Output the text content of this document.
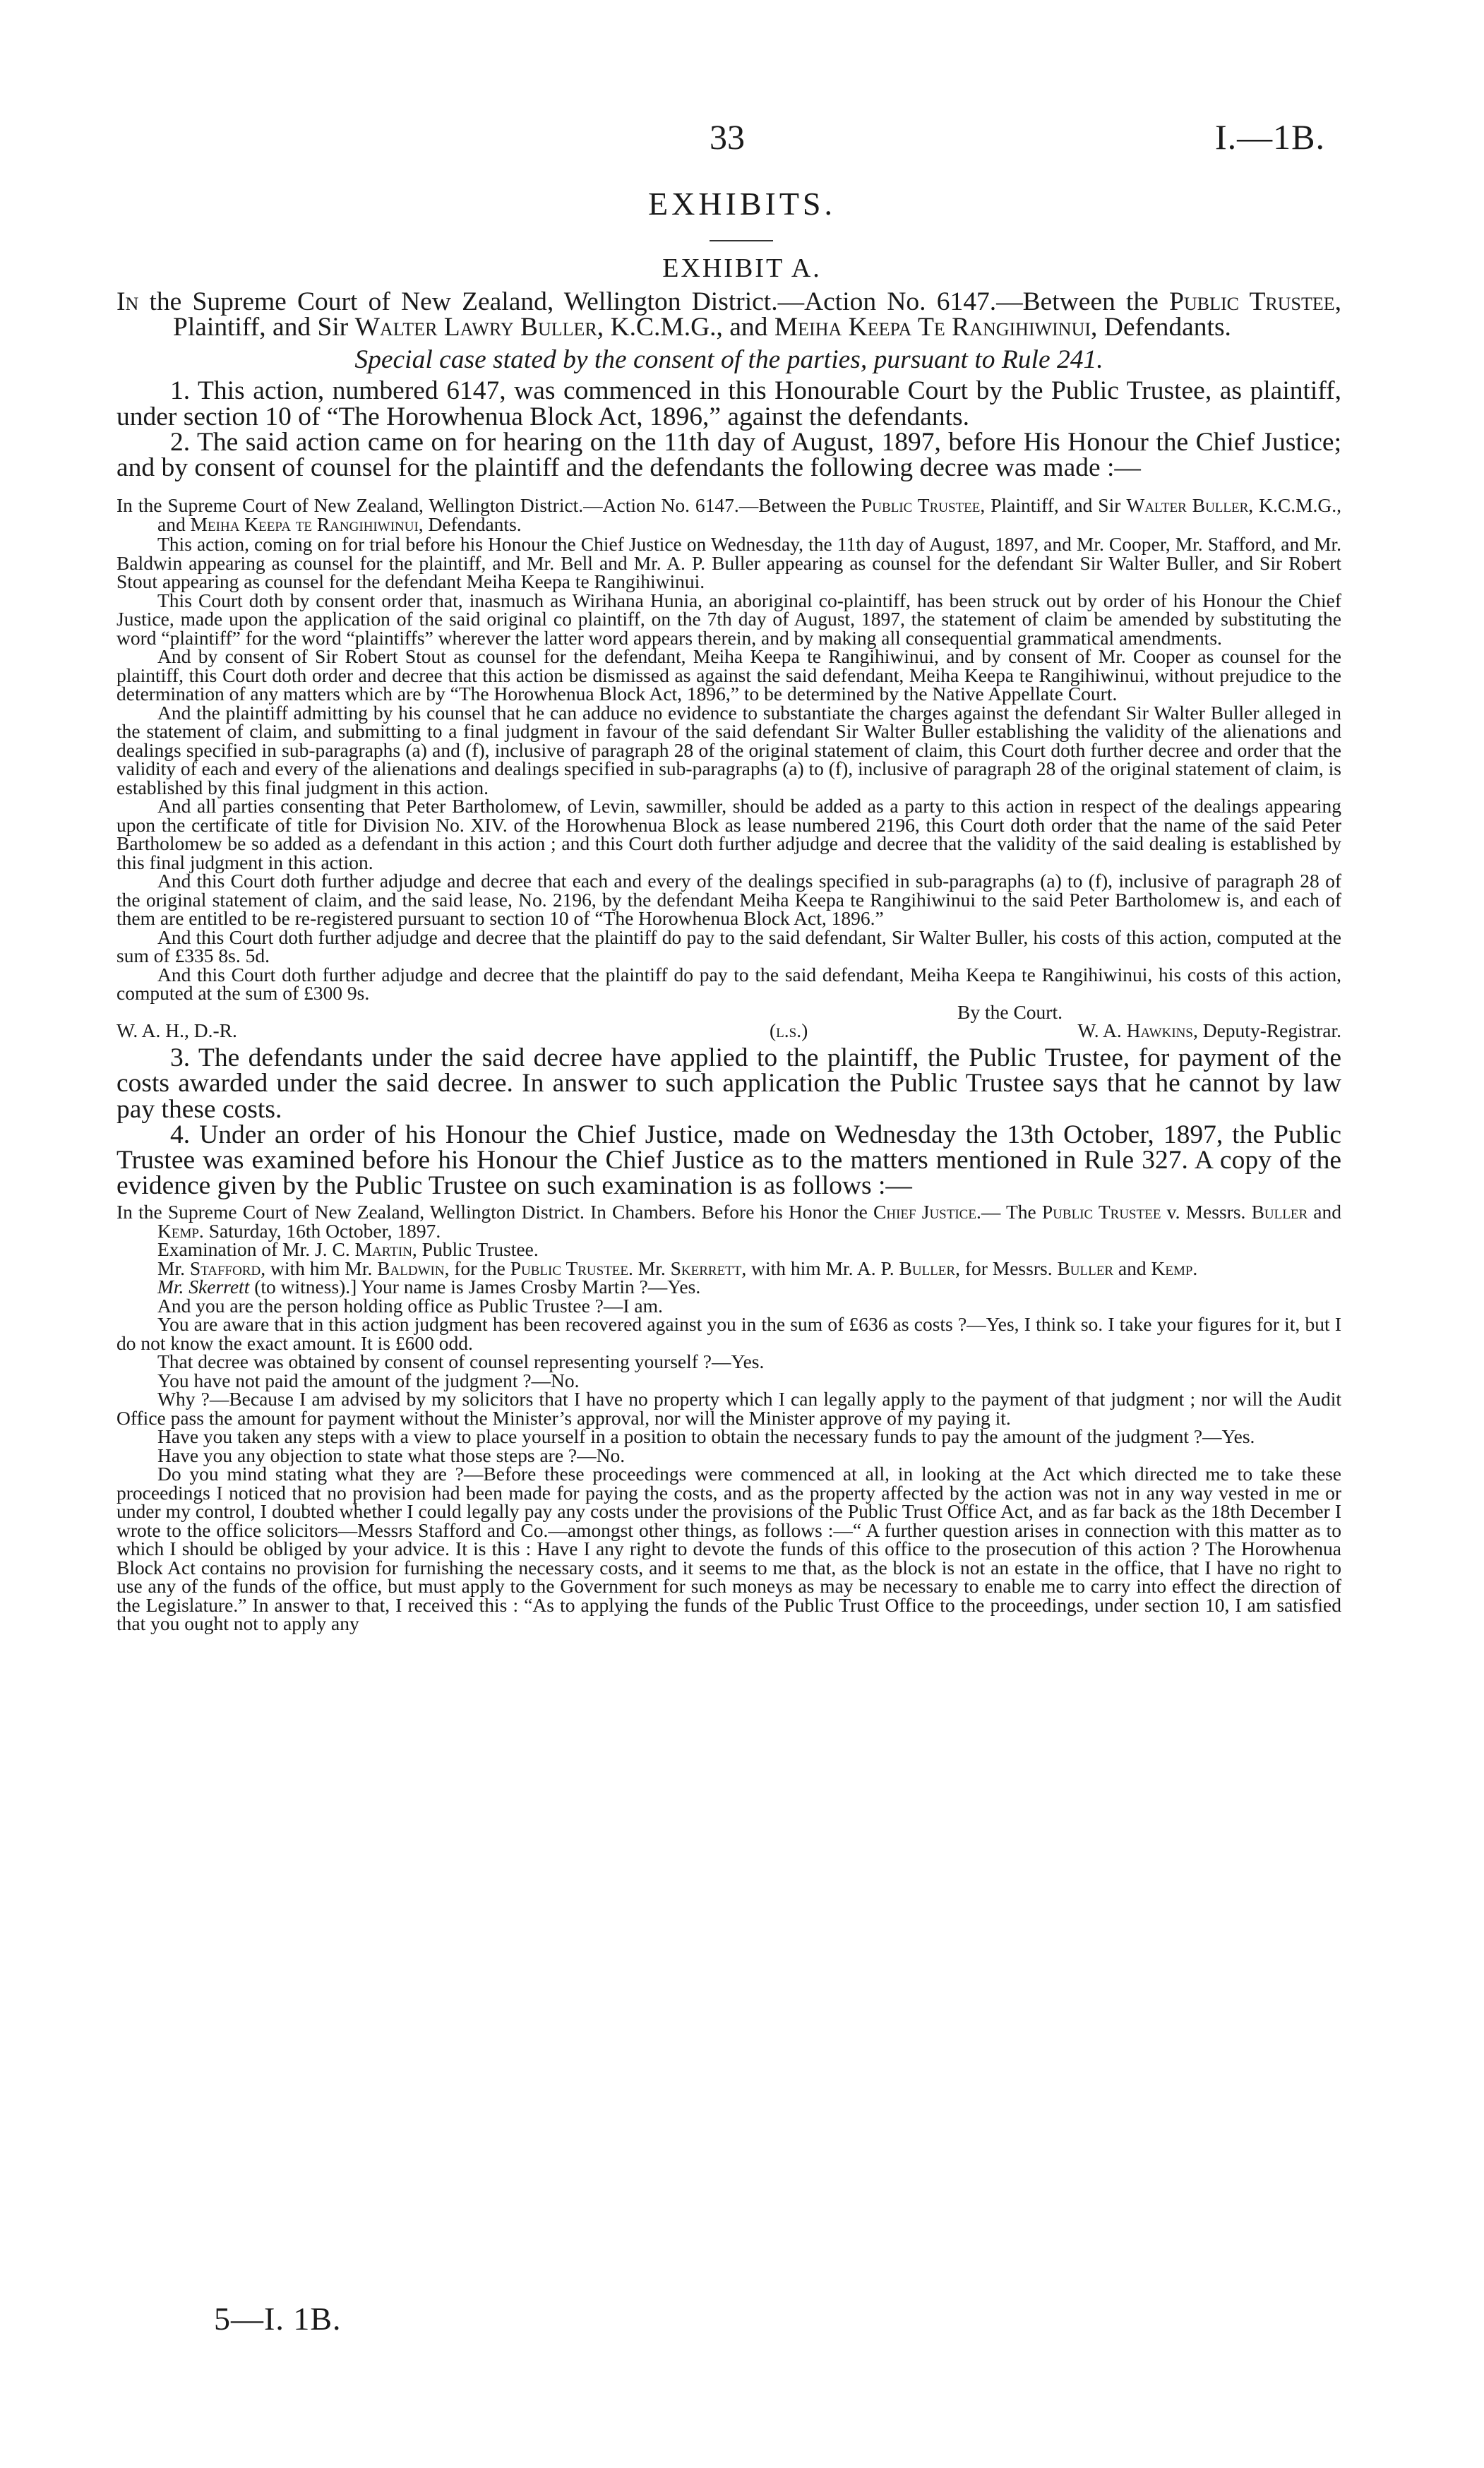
33	I.—1B.
EXHIBITS.
EXHIBIT A.

In the Supreme Court of New Zealand, Wellington District.—Action No. 6147.—Between the Public Trustee, Plaintiff, and Sir Walter Lawry Buller, K.C.M.G., and Meiha Keepa Te Rangihiwinui, Defendants.

Special case stated by the consent of the parties, pursuant to Rule 241.

1. This action, numbered 6147, was commenced in this Honourable Court by the Public Trustee, as plaintiff, under section 10 of “The Horowhenua Block Act, 1896,” against the defendants.

2. The said action came on for hearing on the 11th day of August, 1897, before His Honour the Chief Justice; and by consent of counsel for the plaintiff and the defendants the following decree was made :—

In the Supreme Court of New Zealand, Wellington District.—Action No. 6147.—Between the Public Trustee, Plaintiff, and Sir Walter Buller, K.C.M.G., and Meiha Keepa te Rangihiwinui, Defendants.

This action, coming on for trial before his Honour the Chief Justice on Wednesday, the 11th day of August, 1897, and Mr. Cooper, Mr. Stafford, and Mr. Baldwin appearing as counsel for the plaintiff, and Mr. Bell and Mr. A. P. Buller appearing as counsel for the defendant Sir Walter Buller, and Sir Robert Stout appearing as counsel for the defendant Meiha Keepa te Rangihiwinui.

This Court doth by consent order that, inasmuch as Wirihana Hunia, an aboriginal co-plaintiff, has been struck out by order of his Honour the Chief Justice, made upon the application of the said original co plaintiff, on the 7th day of August, 1897, the statement of claim be amended by substituting the word “plaintiff” for the word “plaintiffs” wherever the latter word appears therein, and by making all consequential grammatical amendments.

And by consent of Sir Robert Stout as counsel for the defendant, Meiha Keepa te Rangihiwinui, and by consent of Mr. Cooper as counsel for the plaintiff, this Court doth order and decree that this action be dismissed as against the said defendant, Meiha Keepa te Rangihiwinui, without prejudice to the determination of any matters which are by “The Horowhenua Block Act, 1896,” to be determined by the Native Appellate Court.

And the plaintiff admitting by his counsel that he can adduce no evidence to substantiate the charges against the defendant Sir Walter Buller alleged in the statement of claim, and submitting to a final judgment in favour of the said defendant Sir Walter Buller establishing the validity of the alienations and dealings specified in sub-paragraphs (a) and (f), inclusive of paragraph 28 of the original statement of claim, this Court doth further decree and order that the validity of each and every of the alienations and dealings specified in sub-paragraphs (a) to (f), inclusive of paragraph 28 of the original statement of claim, is established by this final judgment in this action.

And all parties consenting that Peter Bartholomew, of Levin, sawmiller, should be added as a party to this action in respect of the dealings appearing upon the certificate of title for Division No. XIV. of the Horowhenua Block as lease numbered 2196, this Court doth order that the name of the said Peter Bartholomew be so added as a defendant in this action ; and this Court doth further adjudge and decree that the validity of the said dealing is established by this final judgment in this action.

And this Court doth further adjudge and decree that each and every of the dealings specified in sub-paragraphs (a) to (f), inclusive of paragraph 28 of the original statement of claim, and the said lease, No. 2196, by the defendant Meiha Keepa te Rangihiwinui to the said Peter Bartholomew is, and each of them are entitled to be re-registered pursuant to section 10 of “The Horowhenua Block Act, 1896.”

And this Court doth further adjudge and decree that the plaintiff do pay to the said defendant, Sir Walter Buller, his costs of this action, computed at the sum of £335 8s. 5d.

And this Court doth further adjudge and decree that the plaintiff do pay to the said defendant, Meiha Keepa te Rangihiwinui, his costs of this action, computed at the sum of £300 9s.

By the Court.

W. A. H., D.-R.	(l.s.)	W. A. Hawkins, Deputy-Registrar.

3. The defendants under the said decree have applied to the plaintiff, the Public Trustee, for payment of the costs awarded under the said decree. In answer to such application the Public Trustee says that he cannot by law pay these costs.

4. Under an order of his Honour the Chief Justice, made on Wednesday the 13th October, 1897, the Public Trustee was examined before his Honour the Chief Justice as to the matters mentioned in Rule 327. A copy of the evidence given by the Public Trustee on such examination is as follows :—

In the Supreme Court of New Zealand, Wellington District. In Chambers. Before his Honor the Chief Justice.— The Public Trustee v. Messrs. Buller and Kemp. Saturday, 16th October, 1897.

Examination of Mr. J. C. Martin, Public Trustee.

Mr. Stafford, with him Mr. Baldwin, for the Public Trustee. Mr. Skerrett, with him Mr. A. P. Buller, for Messrs. Buller and Kemp.

Mr. Skerrett (to witness).] Your name is James Crosby Martin ?—Yes.

And you are the person holding office as Public Trustee ?—I am.

You are aware that in this action judgment has been recovered against you in the sum of £636 as costs ?—Yes, I think so. I take your figures for it, but I do not know the exact amount. It is £600 odd.

That decree was obtained by consent of counsel representing yourself ?—Yes.

You have not paid the amount of the judgment ?—No.

Why ?—Because I am advised by my solicitors that I have no property which I can legally apply to the payment of that judgment ; nor will the Audit Office pass the amount for payment without the Minister’s approval, nor will the Minister approve of my paying it.

Have you taken any steps with a view to place yourself in a position to obtain the necessary funds to pay the amount of the judgment ?—Yes.

Have you any objection to state what those steps are ?—No.

Do you mind stating what they are ?—Before these proceedings were commenced at all, in looking at the Act which directed me to take these proceedings I noticed that no provision had been made for paying the costs, and as the property affected by the action was not in any way vested in me or under my control, I doubted whether I could legally pay any costs under the provisions of the Public Trust Office Act, and as far back as the 18th December I wrote to the office solicitors—Messrs Stafford and Co.—amongst other things, as follows :—“ A further question arises in connection with this matter as to which I should be obliged by your advice. It is this : Have I any right to devote the funds of this office to the prosecution of this action ? The Horowhenua Block Act contains no provision for furnishing the necessary costs, and it seems to me that, as the block is not an estate in the office, that I have no right to use any of the funds of the office, but must apply to the Government for such moneys as may be necessary to enable me to carry into effect the direction of the Legislature.” In answer to that, I received this : “As to applying the funds of the Public Trust Office to the proceedings, under section 10, I am satisfied that you ought not to apply any

5—I. 1B.
